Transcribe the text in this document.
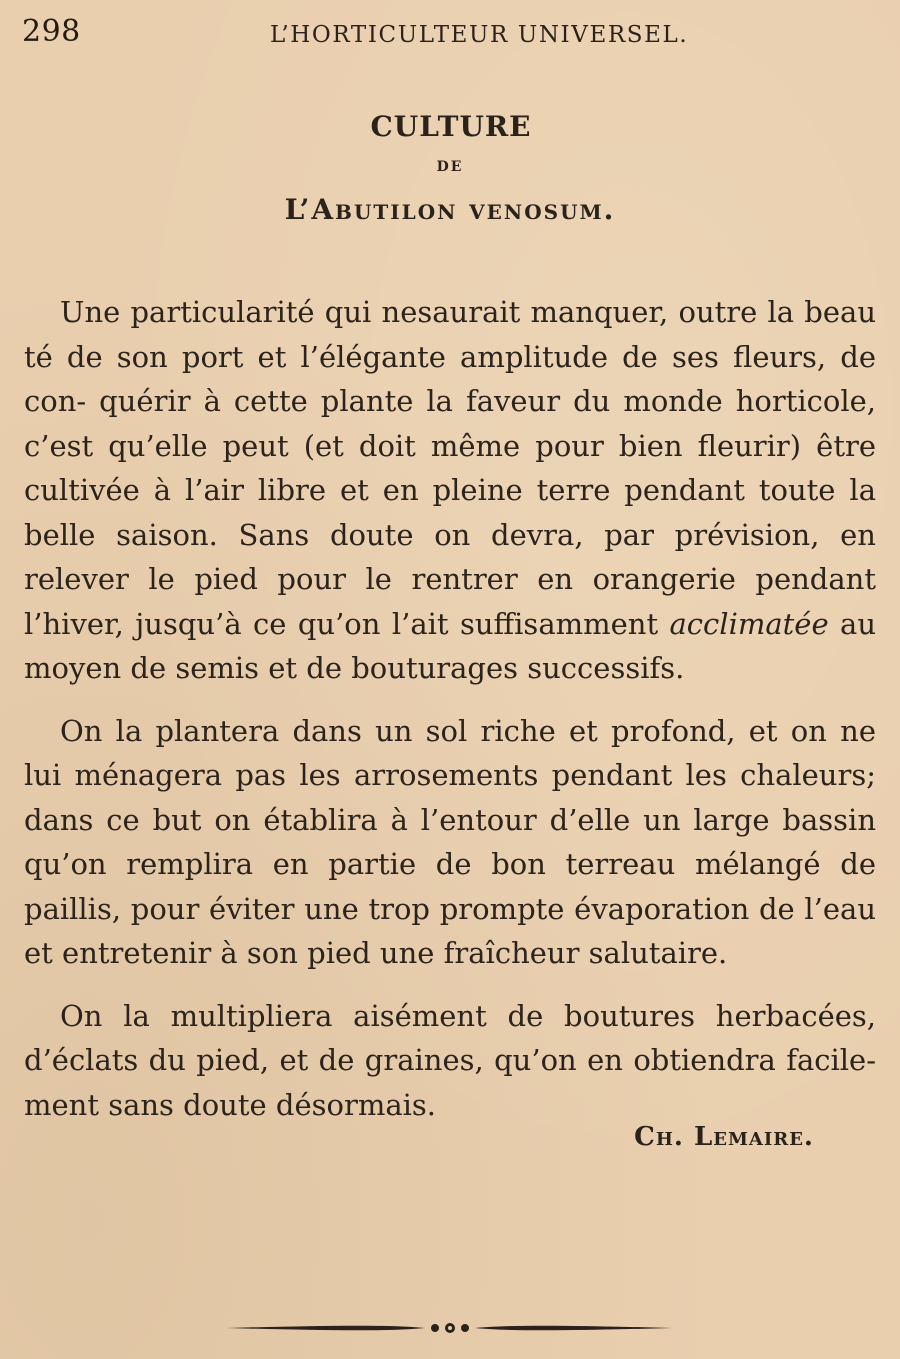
298	L’HORTICULTEUR UNIVERSEL.
CULTURE
DE
L’Abutilon venosum.

Une particularité qui nesaurait manquer, outre la beau té de son port et l’élégante amplitude de ses fleurs, de con- quérir à cette plante la faveur du monde horticole, c’est qu’elle peut (et doit même pour bien fleurir) être cultivée à l’air libre et en pleine terre pendant toute la belle saison. Sans doute on devra, par prévision, en relever le pied pour le rentrer en orangerie pendant l’hiver, jusqu’à ce qu’on l’ait suffisamment acclimatée au moyen de semis et de bouturages successifs.

On la plantera dans un sol riche et profond, et on ne lui ménagera pas les arrosements pendant les chaleurs; dans ce but on établira à l’entour d’elle un large bassin qu’on remplira en partie de bon terreau mélangé de paillis, pour éviter une trop prompte évaporation de l’eau et entretenir à son pied une fraîcheur salutaire.

On la multipliera aisément de boutures herbacées, d’éclats du pied, et de graines, qu’on en obtiendra facile- ment sans doute désormais.

Ch. Lemaire.
